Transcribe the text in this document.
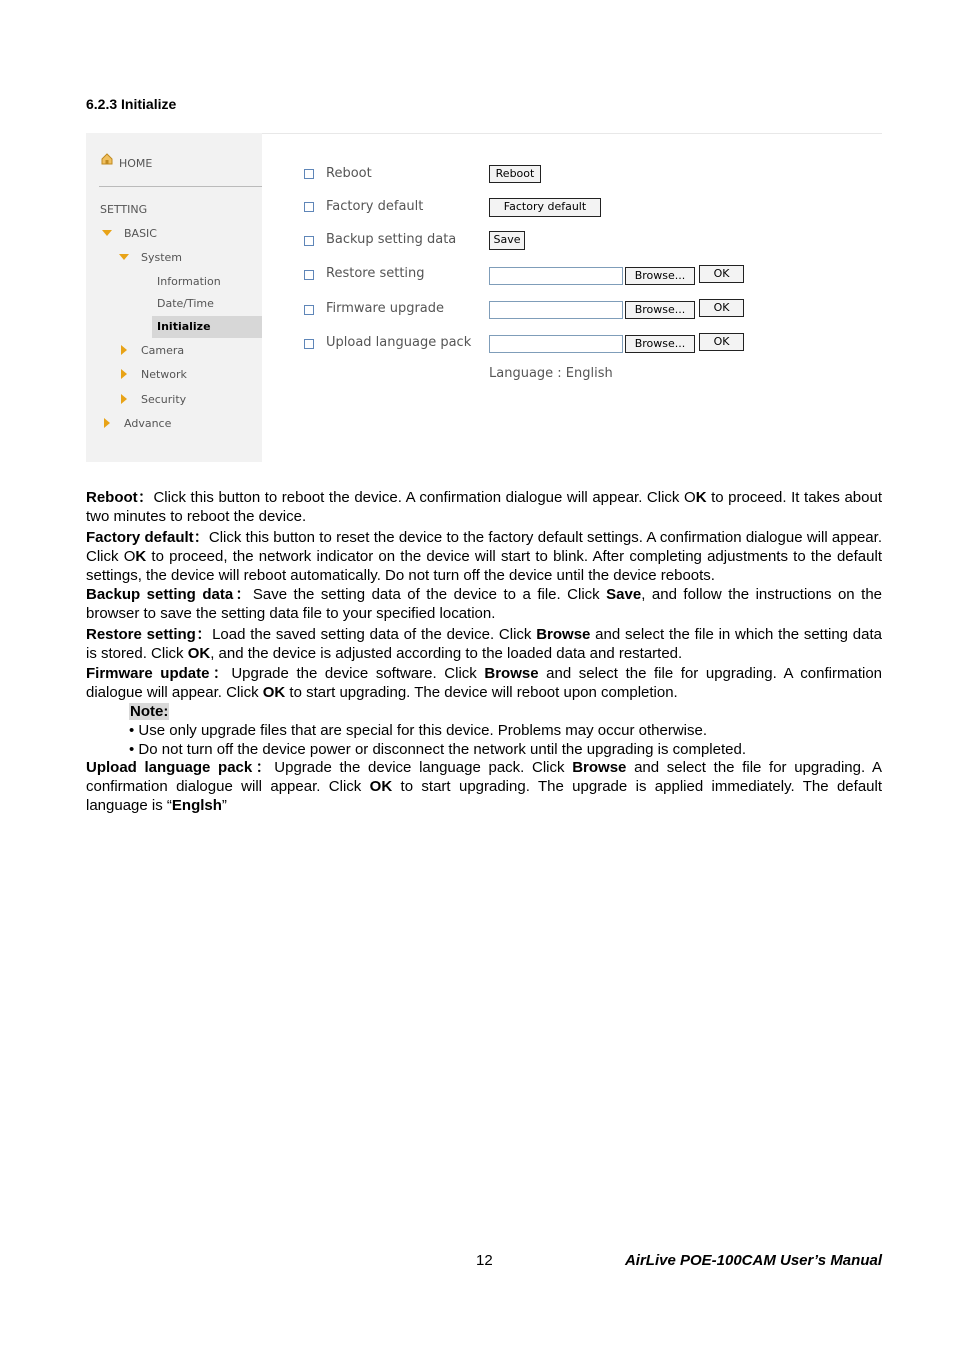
6.2.3 Initialize
HOME
SETTING
BASIC
System
Information
Date/Time
Initialize
Camera
Network
Security
Advance
Reboot	Reboot
Factory default	Factory default
Backup setting data	Save
Restore setting	Browse...	OK
Firmware upgrade	Browse...	OK
Upload language pack	Browse...	OK
Language : English
Reboot：Click this button to reboot the device. A confirmation dialogue will appear. Click OK to proceed. It takes about two minutes to reboot the device.
Factory default：Click this button to reset the device to the factory default settings. A confirmation dialogue will appear. Click OK to proceed, the network indicator on the device will start to blink. After completing adjustments to the default settings, the device will reboot automatically. Do not turn off the device until the device reboots.
Backup setting data：Save the setting data of the device to a file. Click Save, and follow the instructions on the browser to save the setting data file to your specified location.
Restore setting：Load the saved setting data of the device. Click Browse and select the file in which the setting data is stored. Click OK, and the device is adjusted according to the loaded data and restarted.
Firmware update：Upgrade the device software. Click Browse and select the file for upgrading. A confirmation dialogue will appear. Click OK to start upgrading. The device will reboot upon completion.
Note:
• Use only upgrade files that are special for this device. Problems may occur otherwise.
• Do not turn off the device power or disconnect the network until the upgrading is completed.
Upload language pack：Upgrade the device language pack. Click Browse and select the file for upgrading. A confirmation dialogue will appear. Click OK to start upgrading. The upgrade is applied immediately. The default language is “Englsh”
12	AirLive POE-100CAM User’s Manual
